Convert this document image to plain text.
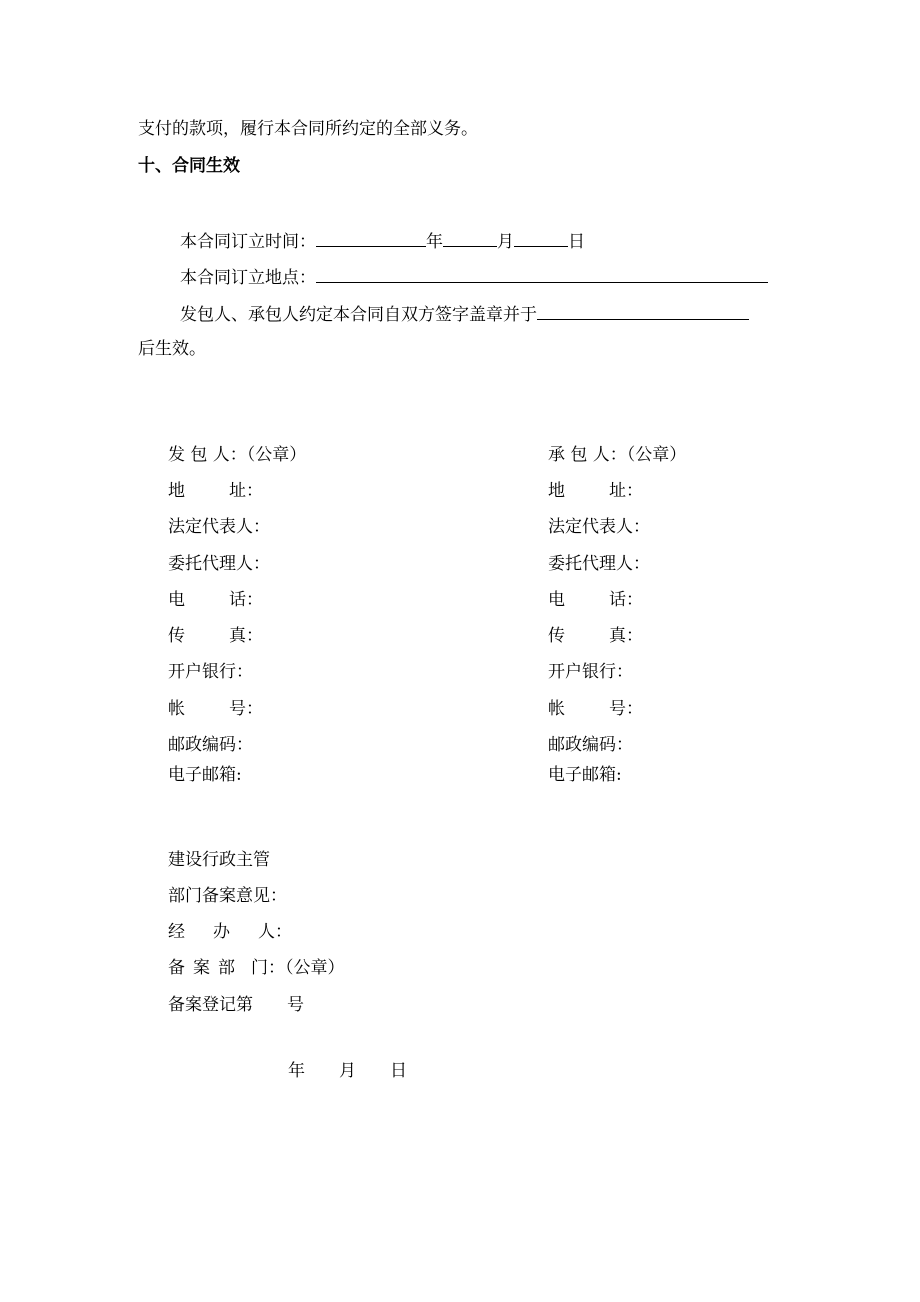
支付的款项，履行本合同所约定的全部义务。
十、合同生效
本合同订立时间：	年	月	日
本合同订立地点：
发包人、承包人约定本合同自双方签字盖章并于
后生效。
发 包 人：（公章）
地	址：
法定代表人：
委托代理人：
电	话：
传	真：
开户银行：
帐	号：
邮政编码：
电子邮箱:
承 包 人：（公章）
地	址：
法定代表人：
委托代理人：
电	话：
传	真：
开户银行：
帐	号：
邮政编码：
电子邮箱:
建设行政主管
部门备案意见：
经 办 人：
备 案 部 门：（公章）
备案登记第　　号
年　　月　　日
